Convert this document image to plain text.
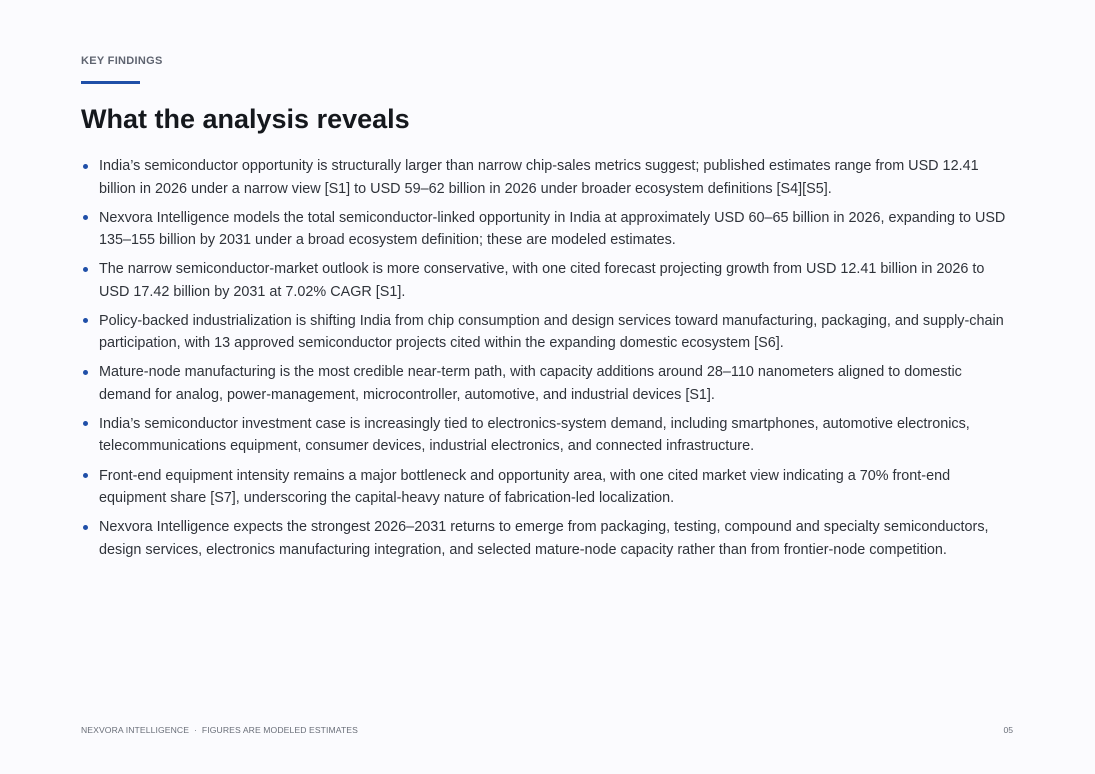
KEY FINDINGS
What the analysis reveals
India’s semiconductor opportunity is structurally larger than narrow chip-sales metrics suggest; published estimates range from USD 12.41 billion in 2026 under a narrow view [S1] to USD 59–62 billion in 2026 under broader ecosystem definitions [S4][S5].
Nexvora Intelligence models the total semiconductor-linked opportunity in India at approximately USD 60–65 billion in 2026, expanding to USD 135–155 billion by 2031 under a broad ecosystem definition; these are modeled estimates.
The narrow semiconductor-market outlook is more conservative, with one cited forecast projecting growth from USD 12.41 billion in 2026 to USD 17.42 billion by 2031 at 7.02% CAGR [S1].
Policy-backed industrialization is shifting India from chip consumption and design services toward manufacturing, packaging, and supply-chain participation, with 13 approved semiconductor projects cited within the expanding domestic ecosystem [S6].
Mature-node manufacturing is the most credible near-term path, with capacity additions around 28–110 nanometers aligned to domestic demand for analog, power-management, microcontroller, automotive, and industrial devices [S1].
India’s semiconductor investment case is increasingly tied to electronics-system demand, including smartphones, automotive electronics, telecommunications equipment, consumer devices, industrial electronics, and connected infrastructure.
Front-end equipment intensity remains a major bottleneck and opportunity area, with one cited market view indicating a 70% front-end equipment share [S7], underscoring the capital-heavy nature of fabrication-led localization.
Nexvora Intelligence expects the strongest 2026–2031 returns to emerge from packaging, testing, compound and specialty semiconductors, design services, electronics manufacturing integration, and selected mature-node capacity rather than from frontier-node competition.
NEXVORA INTELLIGENCE  ·  FIGURES ARE MODELED ESTIMATES	05
